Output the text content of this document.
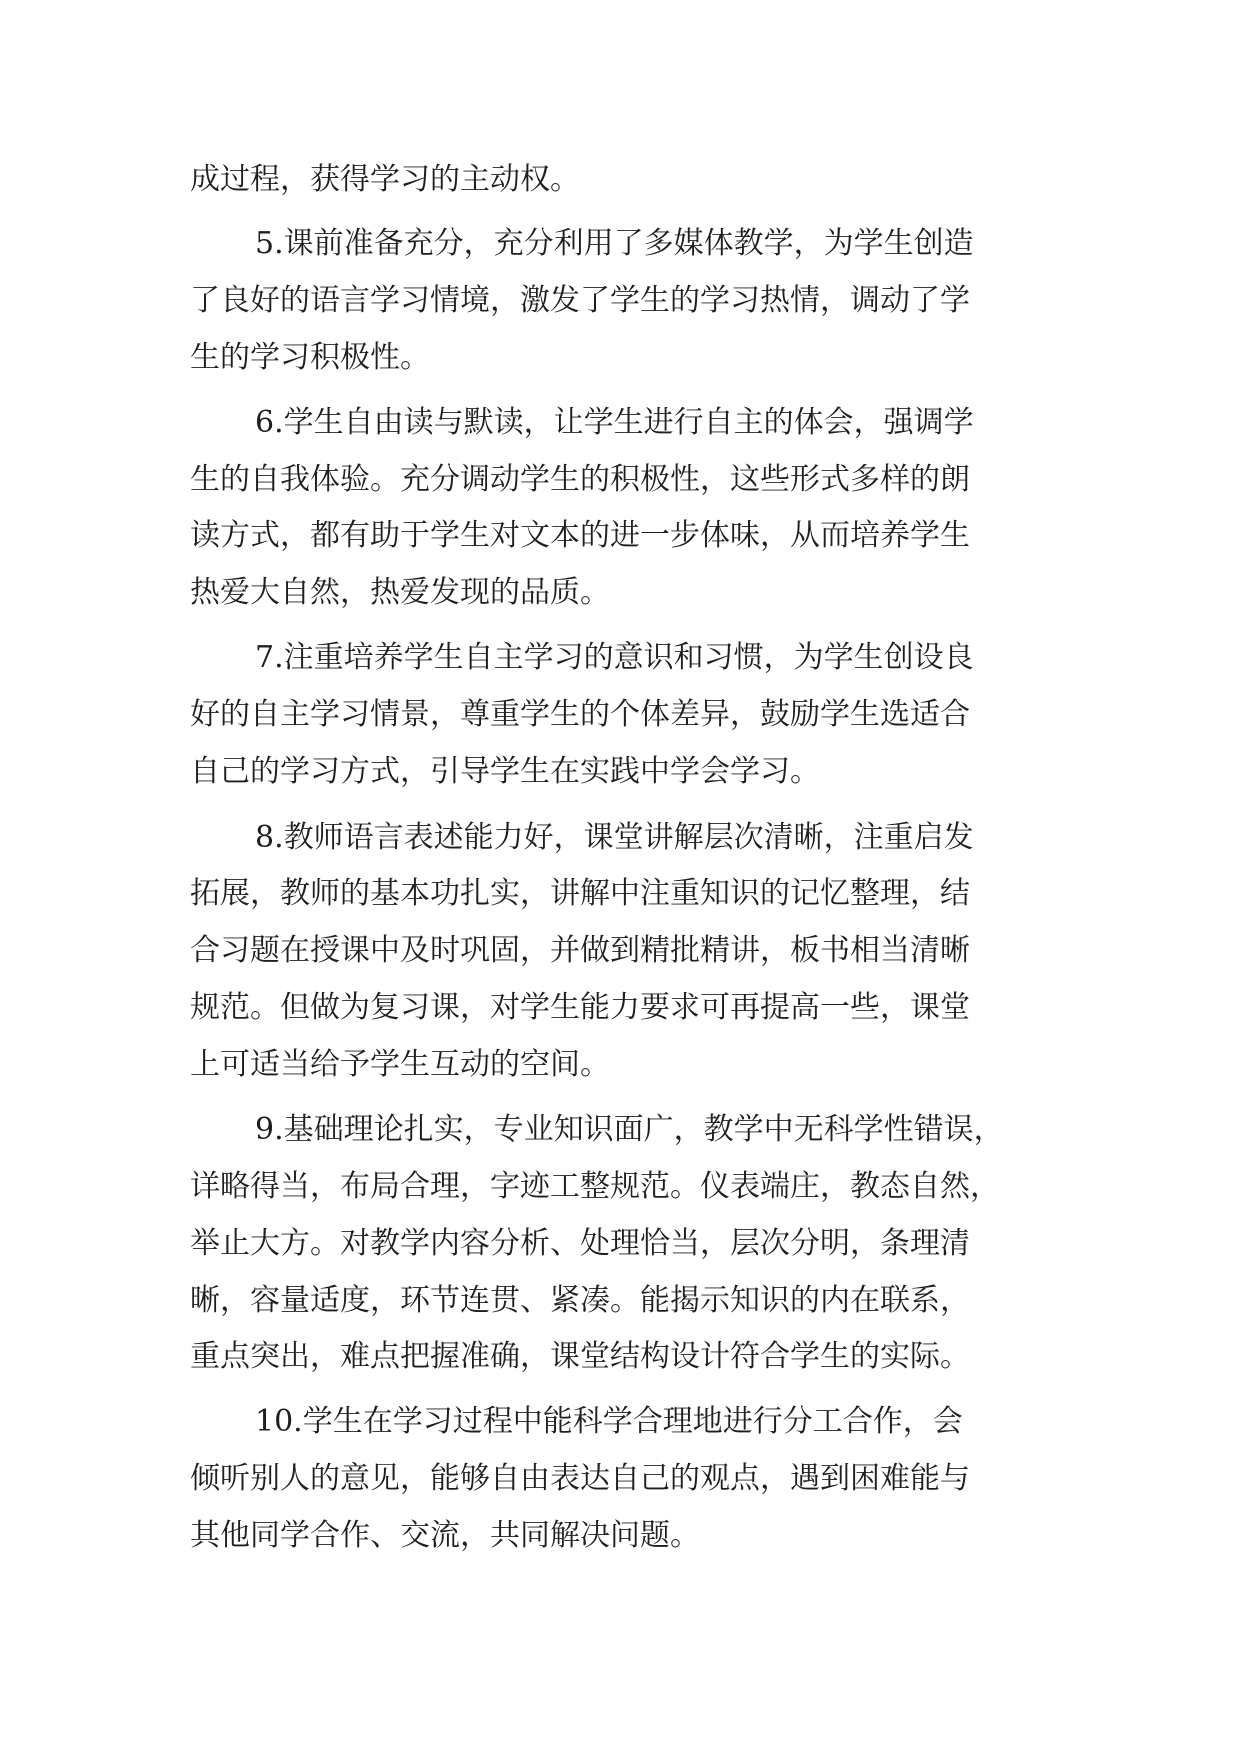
成过程，获得学习的主动权。
5.课前准备充分，充分利用了多媒体教学，为学生创造
了良好的语言学习情境，激发了学生的学习热情，调动了学
生的学习积极性。
6.学生自由读与默读，让学生进行自主的体会，强调学
生的自我体验。充分调动学生的积极性，这些形式多样的朗
读方式，都有助于学生对文本的进一步体味，从而培养学生
热爱大自然，热爱发现的品质。
7.注重培养学生自主学习的意识和习惯，为学生创设良
好的自主学习情景，尊重学生的个体差异，鼓励学生选适合
自己的学习方式，引导学生在实践中学会学习。
8.教师语言表述能力好，课堂讲解层次清晰，注重启发
拓展，教师的基本功扎实，讲解中注重知识的记忆整理，结
合习题在授课中及时巩固，并做到精批精讲，板书相当清晰
规范。但做为复习课，对学生能力要求可再提高一些，课堂
上可适当给予学生互动的空间。
9.基础理论扎实，专业知识面广，教学中无科学性错误，
详略得当，布局合理，字迹工整规范。仪表端庄，教态自然，
举止大方。对教学内容分析、处理恰当，层次分明，条理清
晰，容量适度，环节连贯、紧凑。能揭示知识的内在联系，
重点突出，难点把握准确，课堂结构设计符合学生的实际。
10.学生在学习过程中能科学合理地进行分工合作，会
倾听别人的意见，能够自由表达自己的观点，遇到困难能与
其他同学合作、交流，共同解决问题。
